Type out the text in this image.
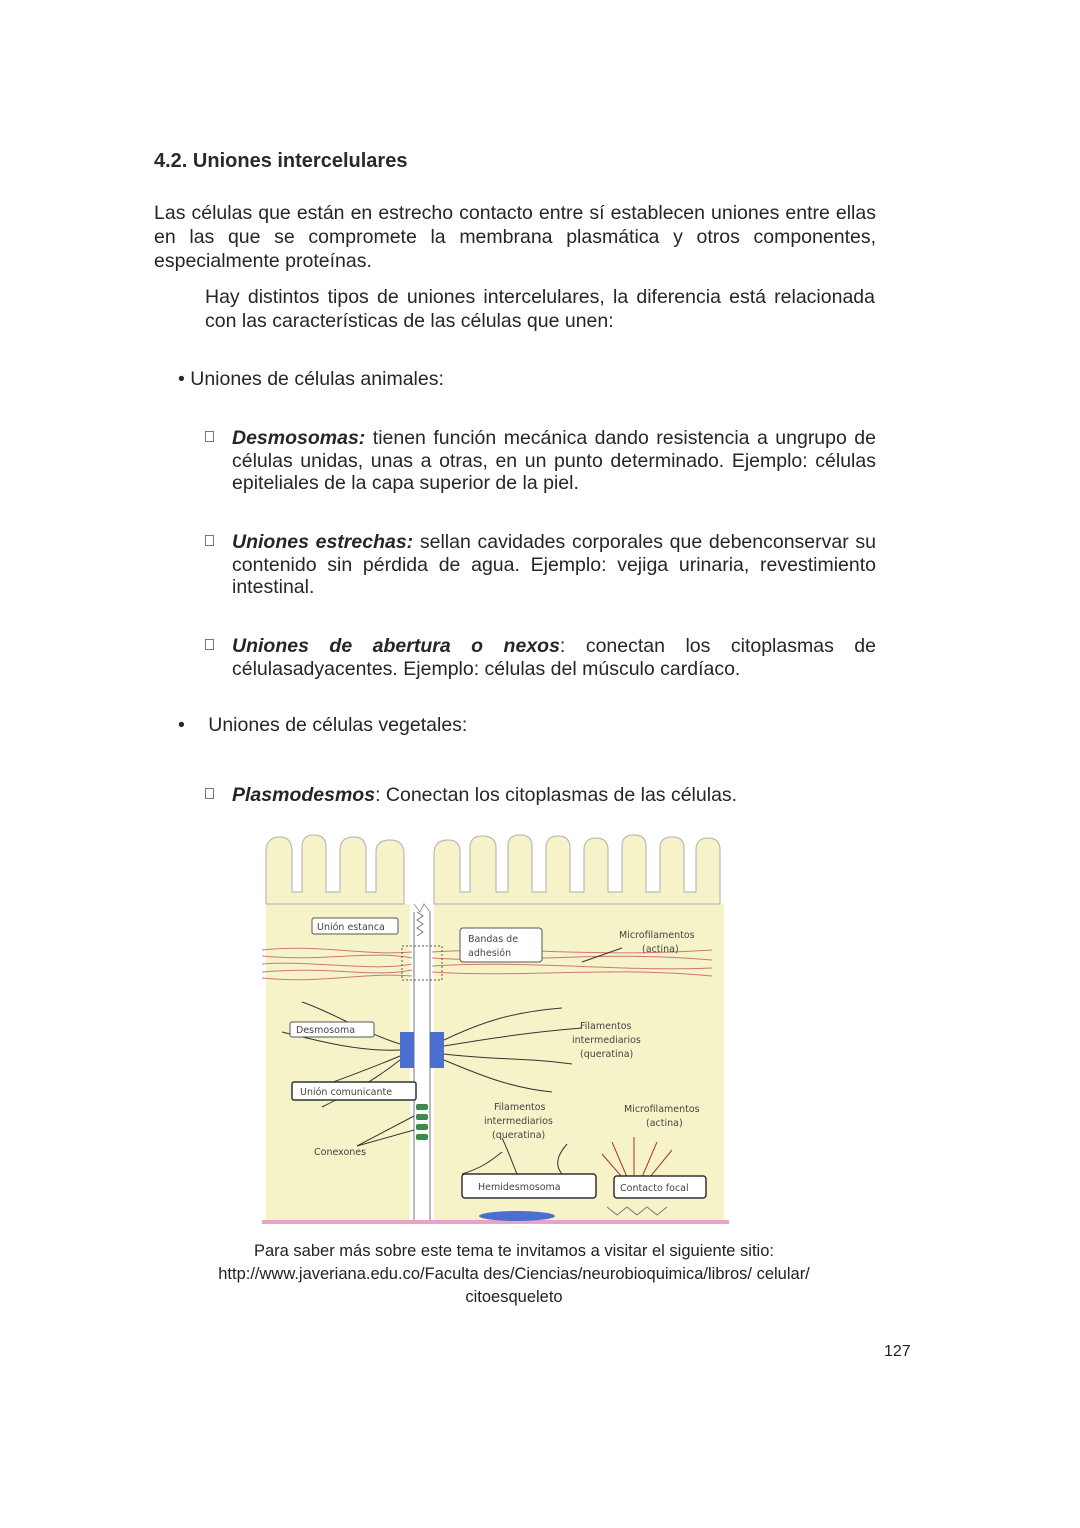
4.2. Uniones intercelulares
Las células que están en estrecho contacto entre sí establecen uniones entre ellas en las que se compromete la membrana plasmática y otros componentes, especialmente proteínas.
Hay distintos tipos de uniones intercelulares, la diferencia está relacionada con las características de las células que unen:
• Uniones de células animales:
Desmosomas: tienen función mecánica dando resistencia a ungrupo de células unidas, unas a otras, en un punto determinado. Ejemplo: células epiteliales de la capa superior de la piel.
Uniones estrechas: sellan cavidades corporales que debenconservar su contenido sin pérdida de agua. Ejemplo: vejiga urinaria, revestimiento intestinal.
Uniones de abertura o nexos: conectan los citoplasmas de célulasadyacentes. Ejemplo: células del músculo cardíaco.
• Uniones de células vegetales:
Plasmodesmos: Conectan los citoplasmas de las células.
Unión estanca
Bandas de
adhesión
Microfilamentos
(actina)
Desmosoma	Filamentos
intermediarios
(queratina)
Unión comunicante
Filamentos
intermediarios
(queratina)
Microfilamentos
(actina)
Conexones
Hemidesmosoma	Contacto focal
Para saber más sobre este tema te invitamos a visitar el siguiente sitio:
http://www.javeriana.edu.co/Faculta des/Ciencias/neurobioquimica/libros/ celular/
citoesqueleto
127
